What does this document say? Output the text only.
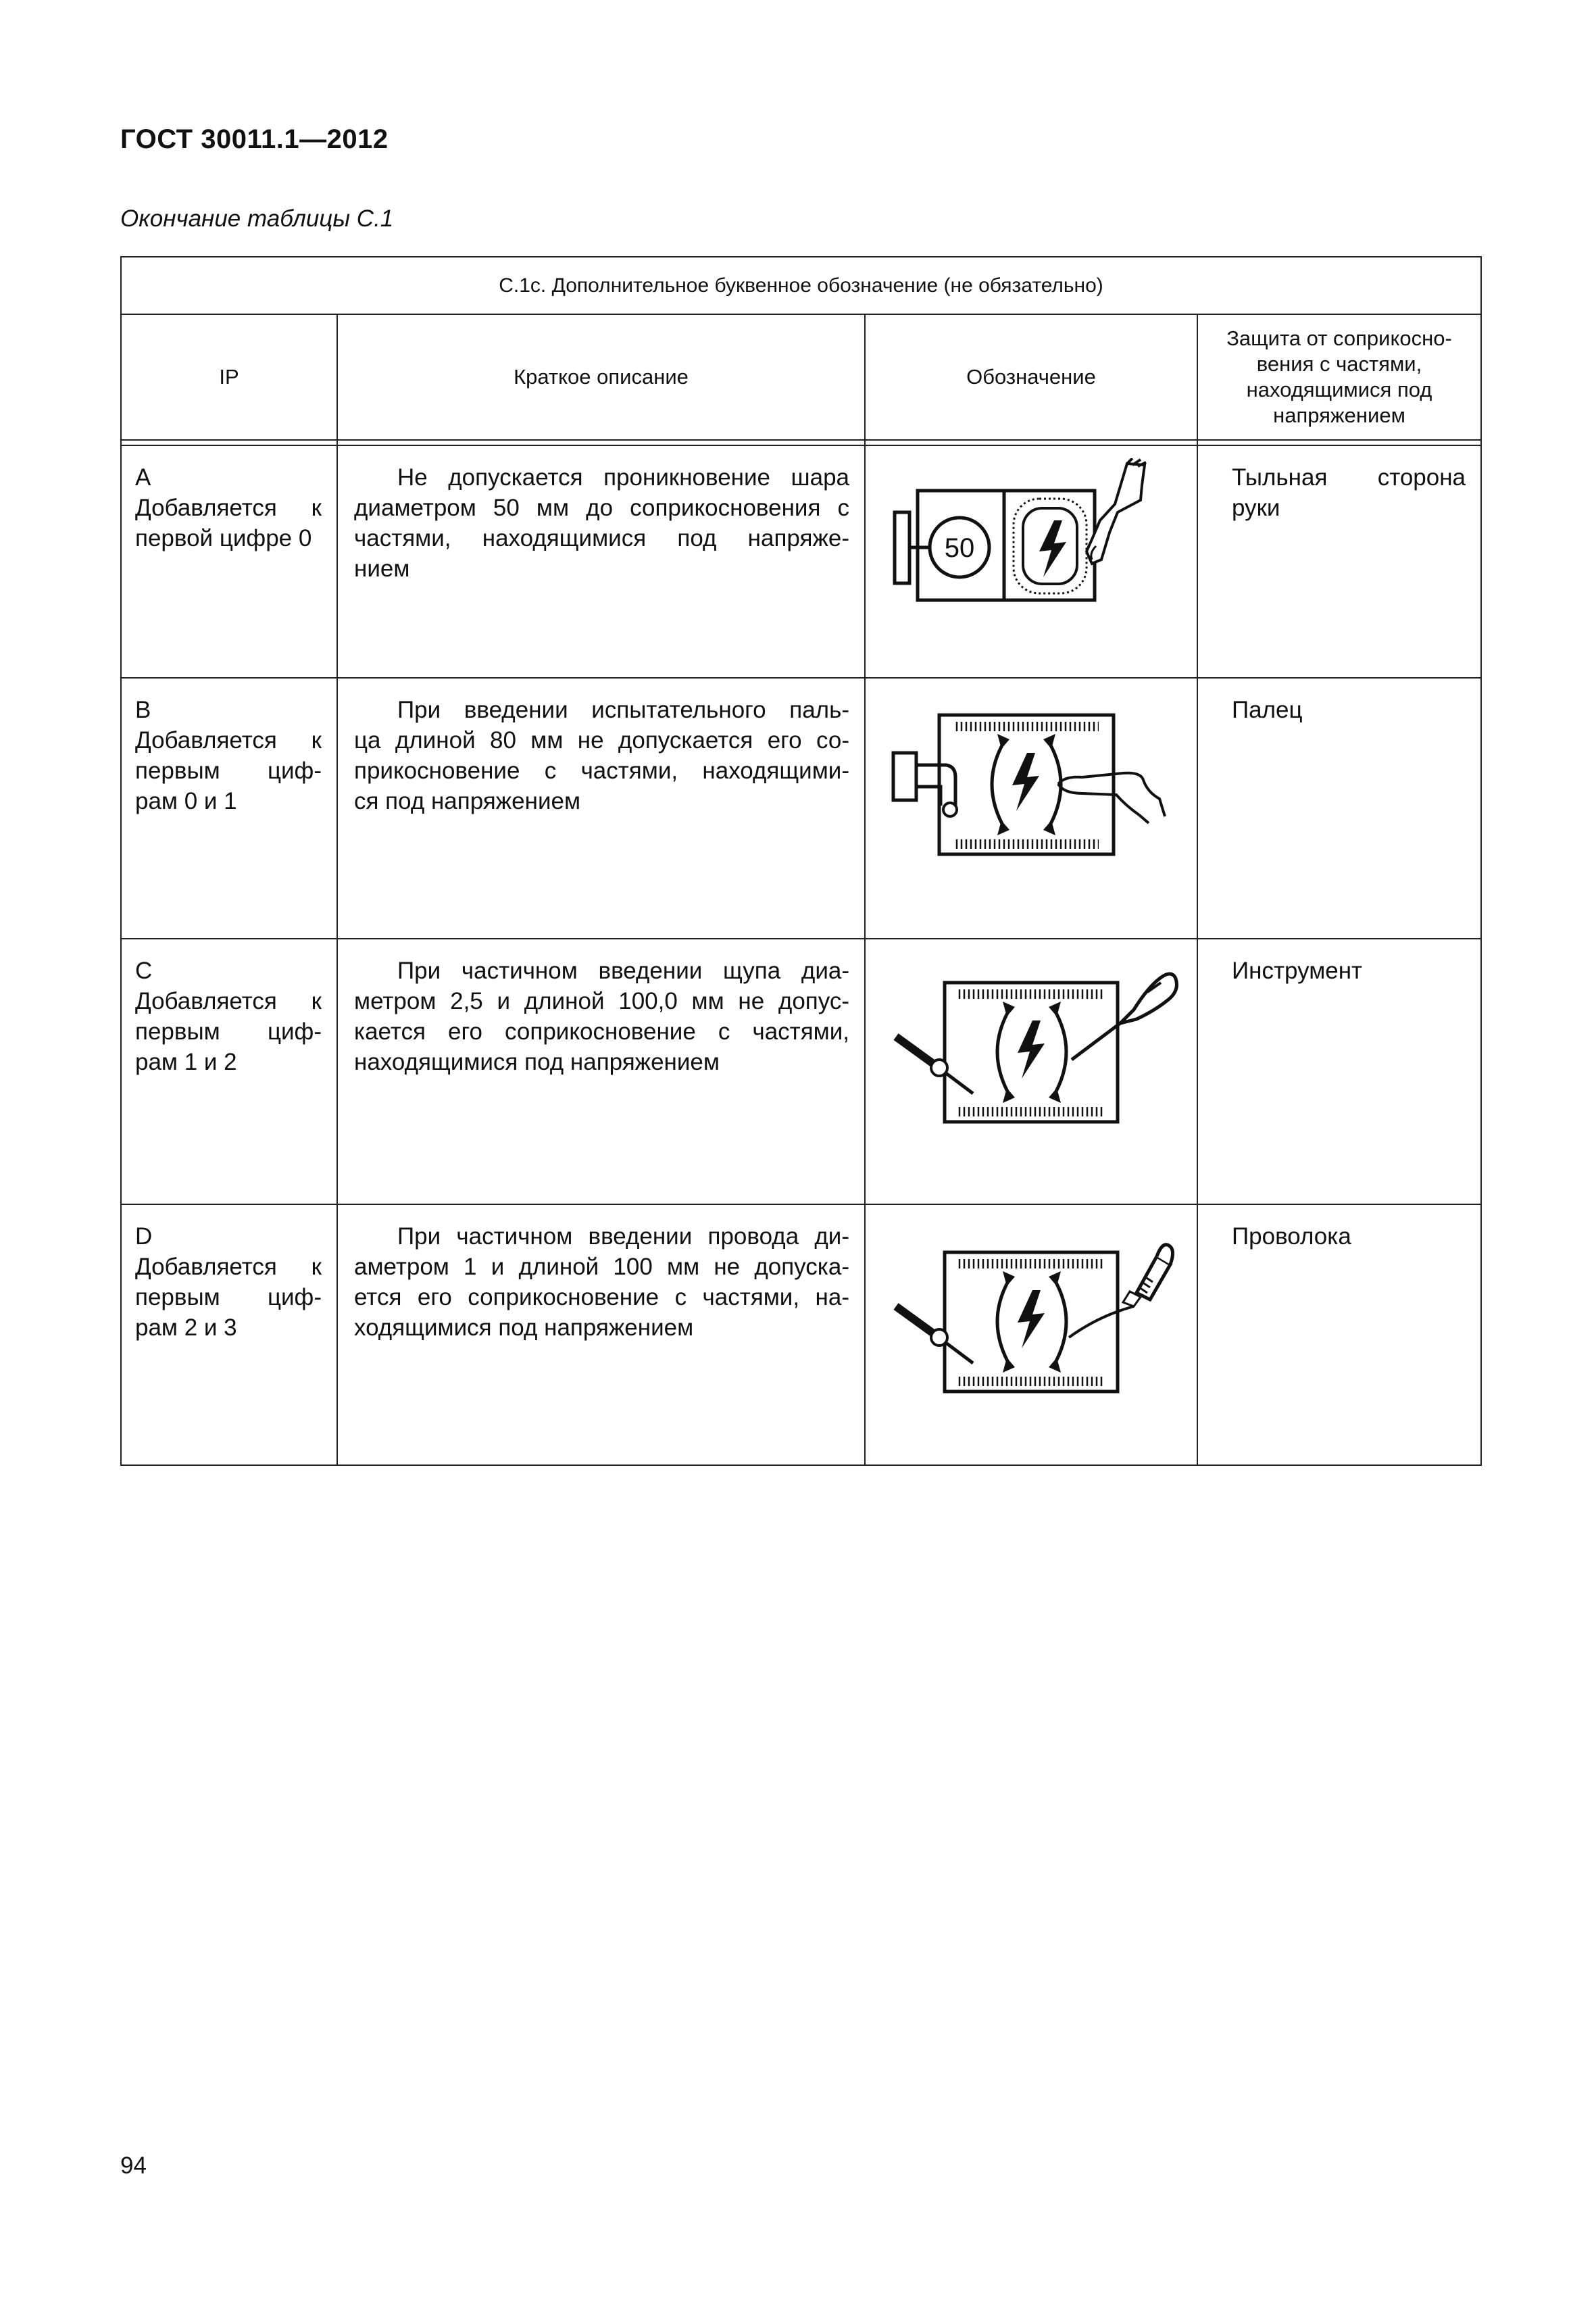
ГОСТ 30011.1—2012
Окончание таблицы С.1
С.1с. Дополнительное буквенное обозначение (не обязательно)			
IP	Краткое описание	Обозначение	Защита от соприкосно-
вения с частями,
находящимися под
напряжением

A
Добавляется к
первой цифре 0	Не допускается проникновение шара
диаметром 50 мм до соприкосновения с
частями, находящимися под напряже-
нием	50	Тыльная сторона
руки

B
Добавляется к
первым циф-
рам 0 и 1	При введении испытательного паль-
ца длиной 80 мм не допускается его со-
прикосновение с частями, находящими-
ся под напряжением		Палец

C
Добавляется к
первым циф-
рам 1 и 2	При частичном введении щупа диа-
метром 2,5 и длиной 100,0 мм не допус-
кается его соприкосновение с частями,
находящимися под напряжением		Инструмент

D
Добавляется к
первым циф-
рам 2 и 3	При частичном введении провода ди-
аметром 1 и длиной 100 мм не допуска-
ется его соприкосновение с частями, на-
ходящимися под напряжением		Проволока
94
